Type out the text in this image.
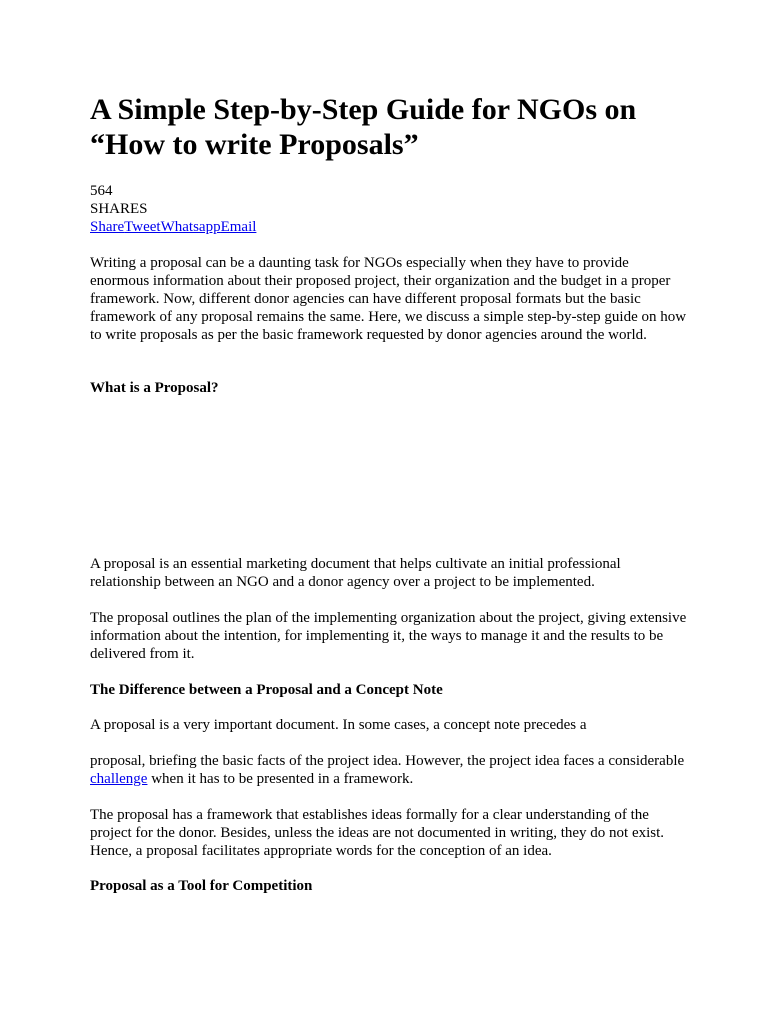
A Simple Step-by-Step Guide for NGOs on “How to write Proposals”
564
SHARES
ShareTweetWhatsappEmail

Writing a proposal can be a daunting task for NGOs especially when they have to provide enormous information about their proposed project, their organization and the budget in a proper framework. Now, different donor agencies can have different proposal formats but the basic framework of any proposal remains the same. Here, we discuss a simple step-by-step guide on how to write proposals as per the basic framework requested by donor agencies around the world.

What is a Proposal?

A proposal is an essential marketing document that helps cultivate an initial professional relationship between an NGO and a donor agency over a project to be implemented.

The proposal outlines the plan of the implementing organization about the project, giving extensive information about the intention, for implementing it, the ways to manage it and the results to be delivered from it.

The Difference between a Proposal and a Concept Note

A proposal is a very important document. In some cases, a concept note precedes a

proposal, briefing the basic facts of the project idea. However, the project idea faces a considerable challenge when it has to be presented in a framework.

The proposal has a framework that establishes ideas formally for a clear understanding of the project for the donor. Besides, unless the ideas are not documented in writing, they do not exist. Hence, a proposal facilitates appropriate words for the conception of an idea.

Proposal as a Tool for Competition
